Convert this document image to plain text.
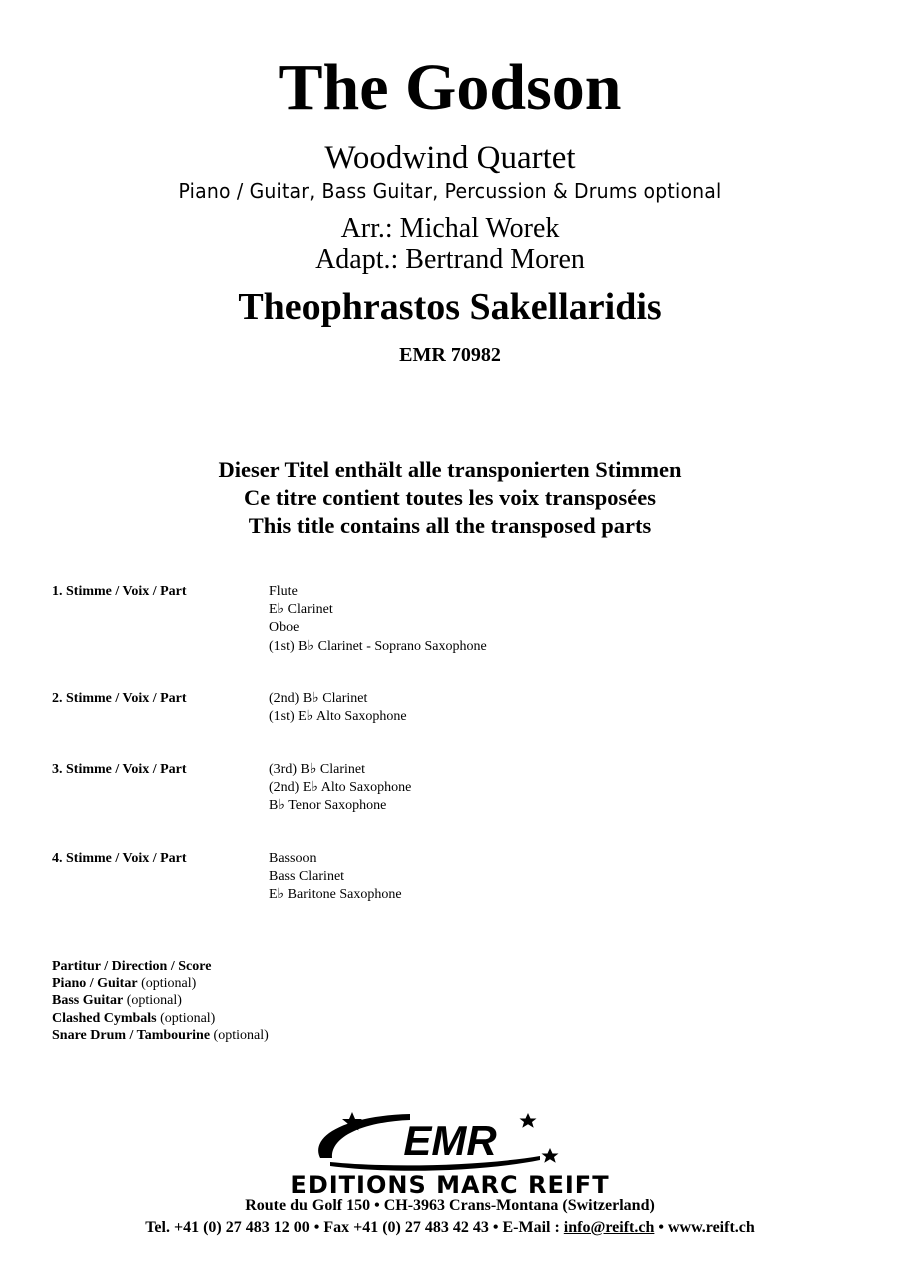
The Godson
Woodwind Quartet
Piano / Guitar, Bass Guitar, Percussion & Drums optional
Arr.: Michal Worek
Adapt.: Bertrand Moren
Theophrastos Sakellaridis
EMR 70982
Dieser Titel enthält alle transponierten Stimmen
Ce titre contient toutes les voix transposées
This title contains all the transposed parts
1. Stimme / Voix / Part	Flute
E♭ Clarinet
Oboe
(1st) B♭ Clarinet - Soprano Saxophone
2. Stimme / Voix / Part	(2nd) B♭ Clarinet
(1st) E♭ Alto Saxophone
3. Stimme / Voix / Part	(3rd) B♭ Clarinet
(2nd) E♭ Alto Saxophone
B♭ Tenor Saxophone
4. Stimme / Voix / Part	Bassoon
Bass Clarinet
E♭ Baritone Saxophone
Partitur / Direction / Score
Piano / Guitar (optional)
Bass Guitar (optional)
Clashed Cymbals (optional)
Snare Drum / Tambourine (optional)
EMR
EDITIONS MARC REIFT
Route du Golf 150 • CH-3963 Crans-Montana (Switzerland)
Tel. +41 (0) 27 483 12 00 • Fax +41 (0) 27 483 42 43 • E-Mail : info@reift.ch • www.reift.ch
